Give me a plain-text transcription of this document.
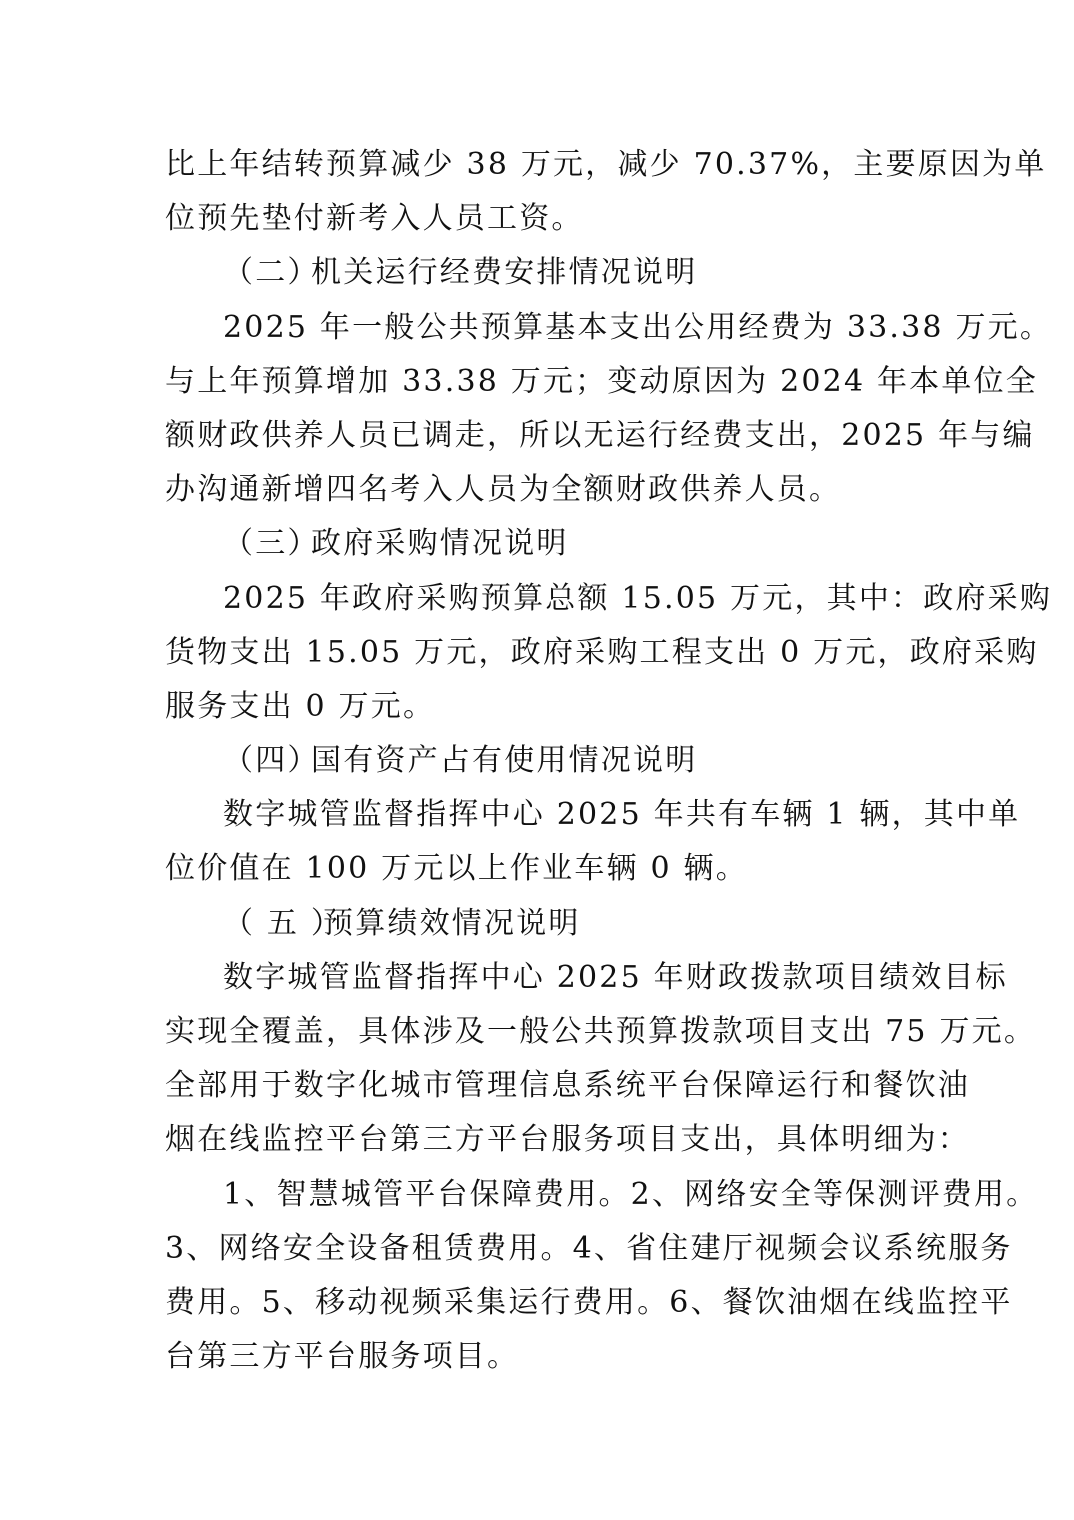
比上年结转预算减少 38 万元，减少 70.37%，主要原因为单
位预先垫付新考入人员工资。
（二）机关运行经费安排情况说明
2025 年一般公共预算基本支出公用经费为 33.38 万元。
与上年预算增加 33.38 万元；变动原因为 2024 年本单位全
额财政供养人员已调走，所以无运行经费支出，2025 年与编
办沟通新增四名考入人员为全额财政供养人员。
（三）政府采购情况说明
2025 年政府采购预算总额 15.05 万元，其中：政府采购
货物支出 15.05 万元，政府采购工程支出 0 万元，政府采购
服务支出 0 万元。
（四）国有资产占有使用情况说明
数字城管监督指挥中心 2025 年共有车辆 1 辆，其中单
位价值在 100 万元以上作业车辆 0 辆。
（ 五 ）预算绩效情况说明
数字城管监督指挥中心 2025 年财政拨款项目绩效目标
实现全覆盖，具体涉及一般公共预算拨款项目支出 75 万元。
全部用于数字化城市管理信息系统平台保障运行和餐饮油
烟在线监控平台第三方平台服务项目支出，具体明细为：
1、智慧城管平台保障费用。2、网络安全等保测评费用。
3、网络安全设备租赁费用。4、省住建厅视频会议系统服务
费用。5、移动视频采集运行费用。6、餐饮油烟在线监控平
台第三方平台服务项目。
